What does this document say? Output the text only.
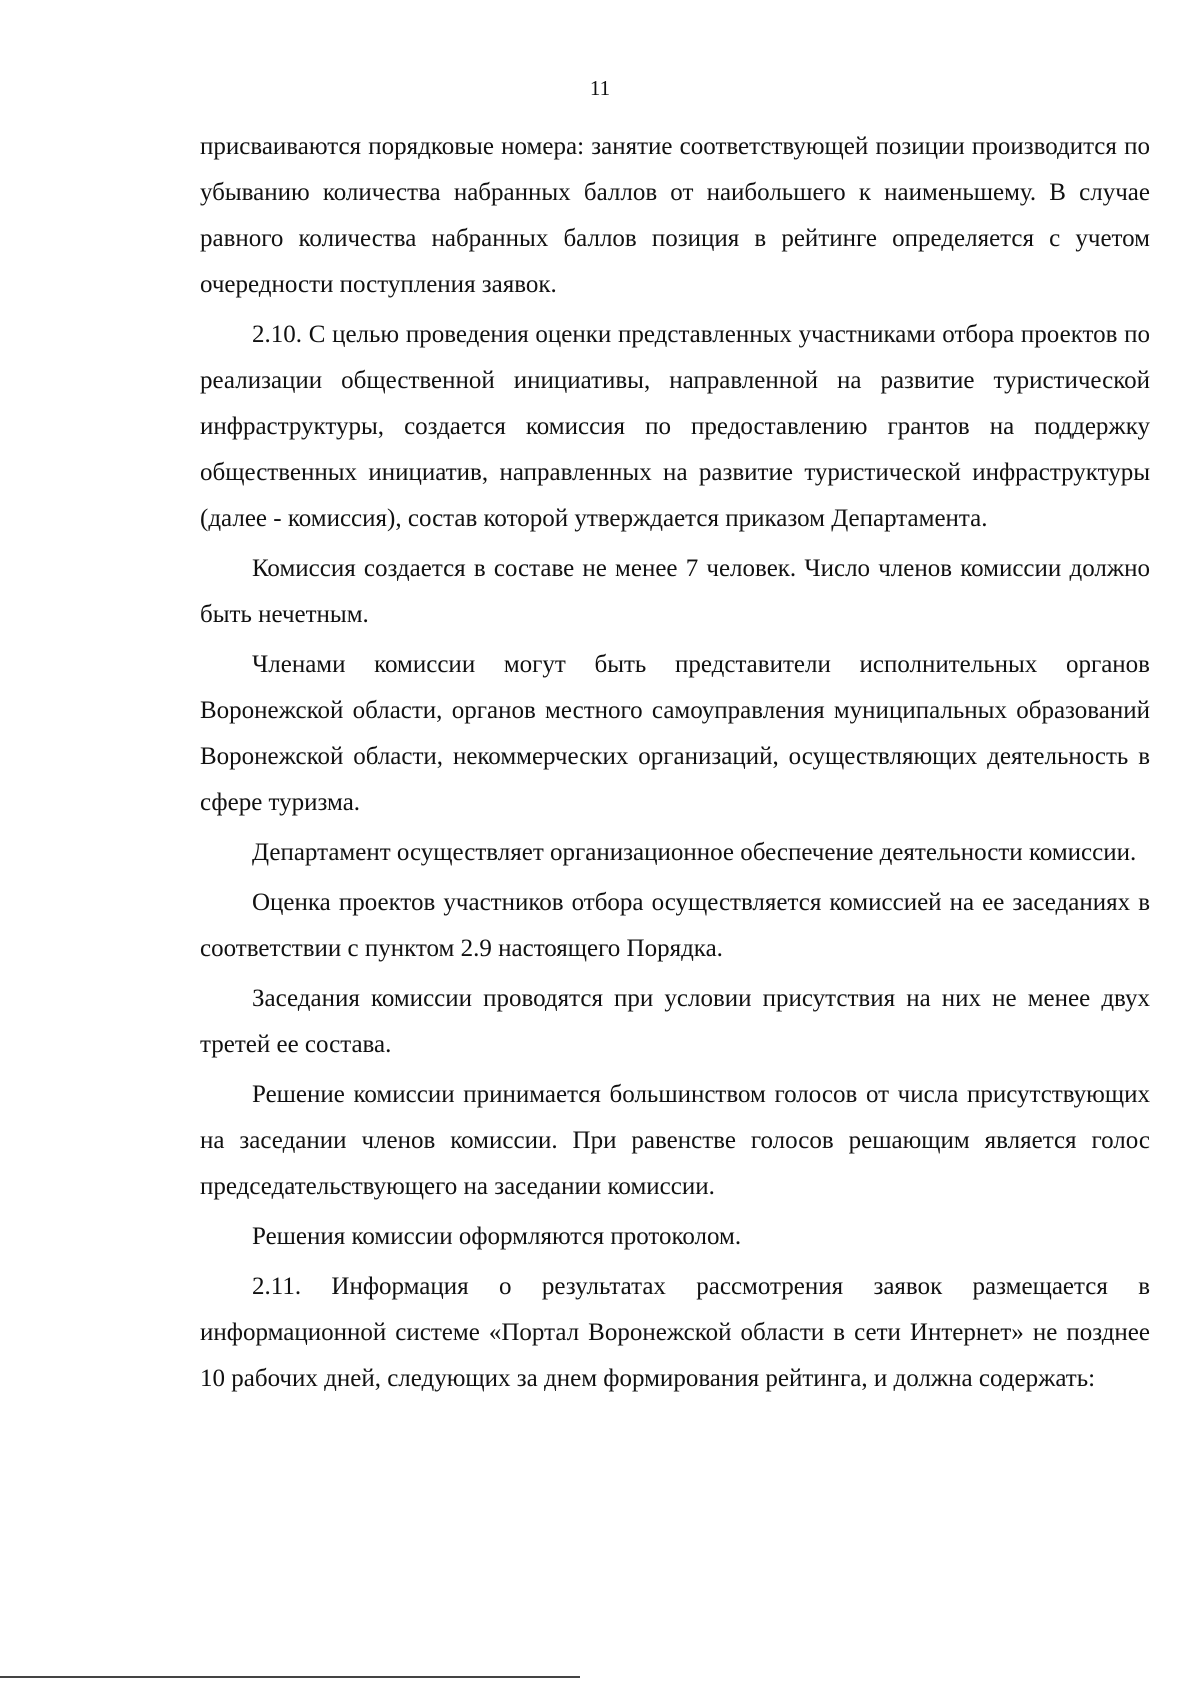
11

присваиваются порядковые номера: занятие соответствующей позиции производится по убыванию количества набранных баллов от наибольшего к наименьшему. В случае равного количества набранных баллов позиция в рейтинге определяется с учетом очередности поступления заявок.

2.10. С целью проведения оценки представленных участниками отбора проектов по реализации общественной инициативы, направленной на развитие туристической инфраструктуры, создается комиссия по предоставлению грантов на поддержку общественных инициатив, направленных на развитие туристической инфраструктуры (далее - комиссия), состав которой утверждается приказом Департамента.

Комиссия создается в составе не менее 7 человек. Число членов комиссии должно быть нечетным.

Членами комиссии могут быть представители исполнительных органов Воронежской области, органов местного самоуправления муниципальных образований Воронежской области, некоммерческих организаций, осуществляющих деятельность в сфере туризма.

Департамент осуществляет организационное обеспечение деятельности комиссии.

Оценка проектов участников отбора осуществляется комиссией на ее заседаниях в соответствии с пунктом 2.9 настоящего Порядка.

Заседания комиссии проводятся при условии присутствия на них не менее двух третей ее состава.

Решение комиссии принимается большинством голосов от числа присутствующих на заседании членов комиссии. При равенстве голосов решающим является голос председательствующего на заседании комиссии.

Решения комиссии оформляются протоколом.

2.11. Информация о результатах рассмотрения заявок размещается в информационной системе «Портал Воронежской области в сети Интернет» не позднее 10 рабочих дней, следующих за днем формирования рейтинга, и должна содержать:
